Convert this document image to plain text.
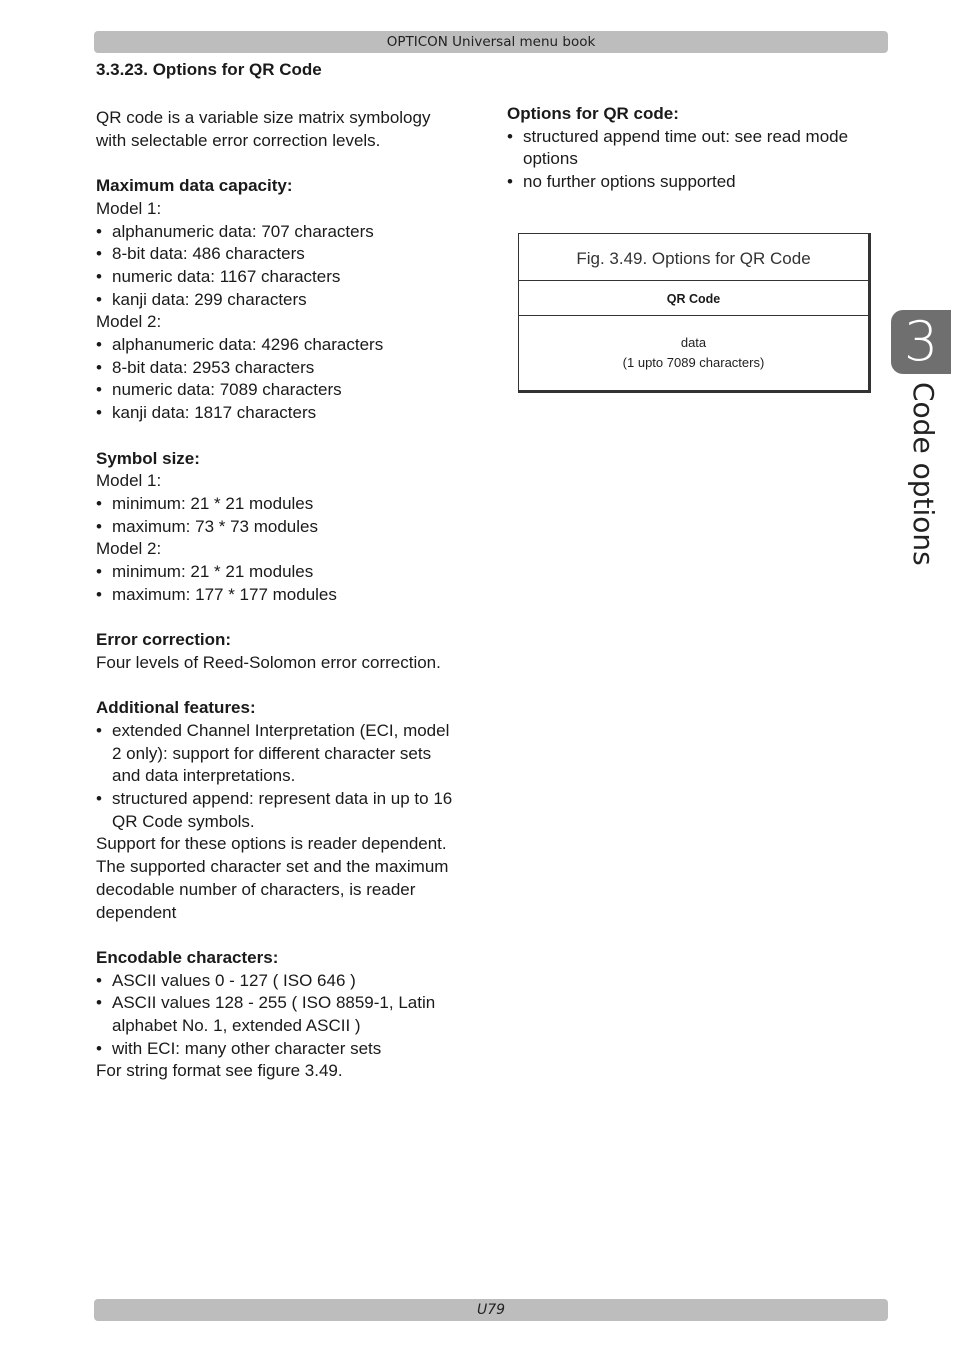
OPTICON Universal menu book
3.3.23. Options for QR Code

QR code is a variable size matrix symbology

with selectable error correction levels.

Maximum data capacity:

Model 1:

• alphanumeric data: 707 characters
• 8-bit data: 486 characters
• numeric data: 1167 characters
• kanji data: 299 characters

Model 2:

• alphanumeric data: 4296 characters
• 8-bit data: 2953 characters
• numeric data: 7089 characters
• kanji data: 1817 characters

Symbol size:

Model 1:

• minimum: 21 * 21 modules
• maximum: 73 * 73 modules

Model 2:

• minimum: 21 * 21 modules
• maximum: 177 * 177 modules

Error correction:

Four levels of Reed-Solomon error correction.

Additional features:

• extended Channel Interpretation (ECI, model
2 only): support for different character sets
and data interpretations.
• structured append: represent data in up to 16
QR Code symbols.

Support for these options is reader dependent.

The supported character set and the maximum

decodable number of characters, is reader

dependent

Encodable characters:

• ASCII values 0 - 127 ( ISO 646 )
• ASCII values 128 - 255 ( ISO 8859-1, Latin
alphabet No. 1, extended ASCII )
• with ECI: many other character sets

For string format see figure 3.49.

Options for QR code:

• structured append time out: see read mode
options
• no further options supported
Fig. 3.49. Options for QR Code
QR Code
data
(1 upto 7089 characters)	3
Code options
U79
